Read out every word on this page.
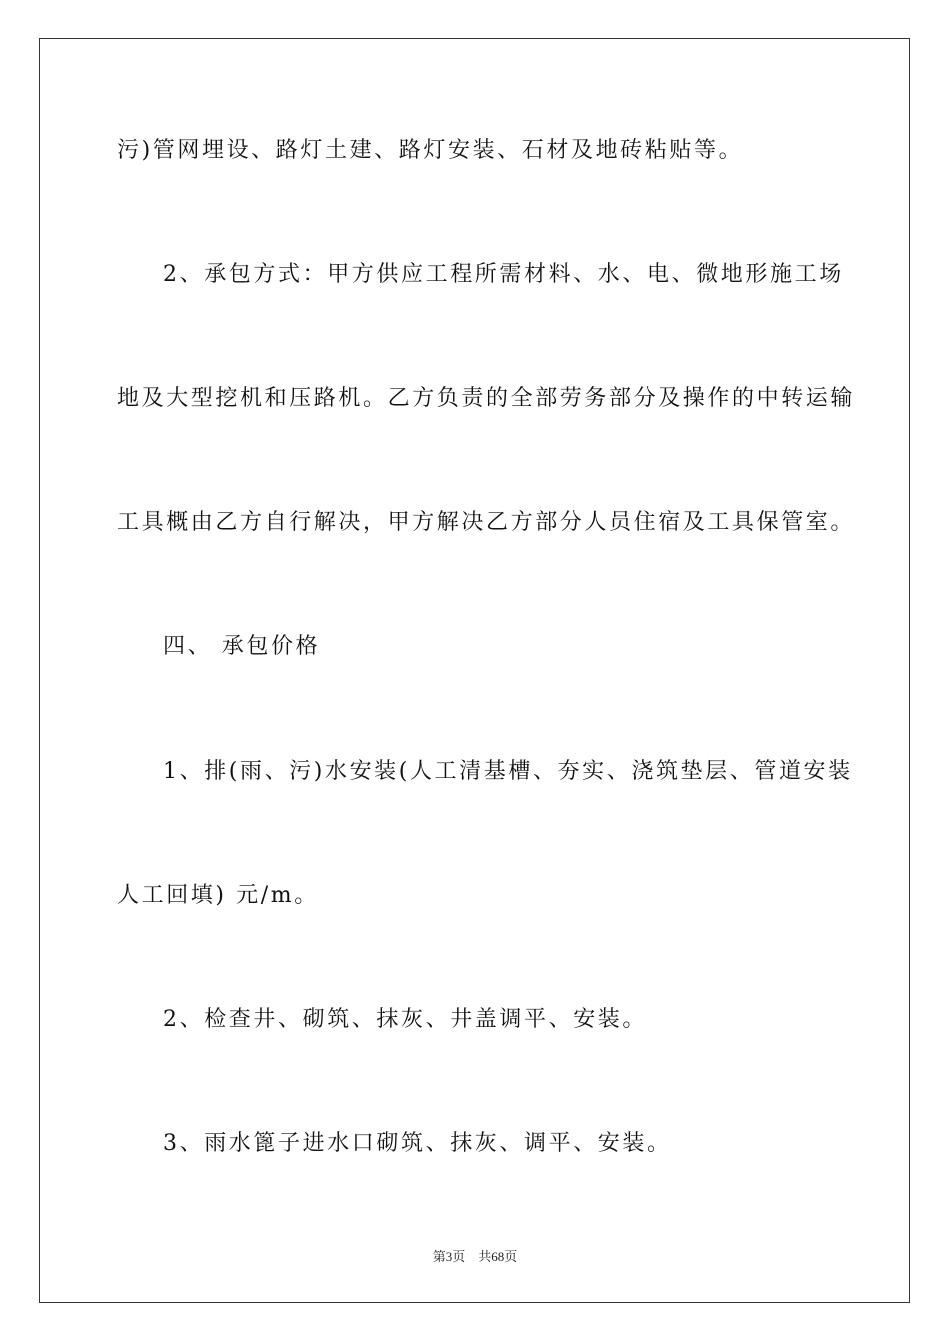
污)管网埋设、路灯土建、路灯安装、石材及地砖粘贴等。
2、承包方式：甲方供应工程所需材料、水、电、微地形施工场
地及大型挖机和压路机。乙方负责的全部劳务部分及操作的中转运输
工具概由乙方自行解决，甲方解决乙方部分人员住宿及工具保管室。
四、 承包价格
1、排(雨、污)水安装(人工清基槽、夯实、浇筑垫层、管道安装
人工回填) 元/m。
2、检查井、砌筑、抹灰、井盖调平、安装。
3、雨水篦子进水口砌筑、抹灰、调平、安装。
第3页 共68页
